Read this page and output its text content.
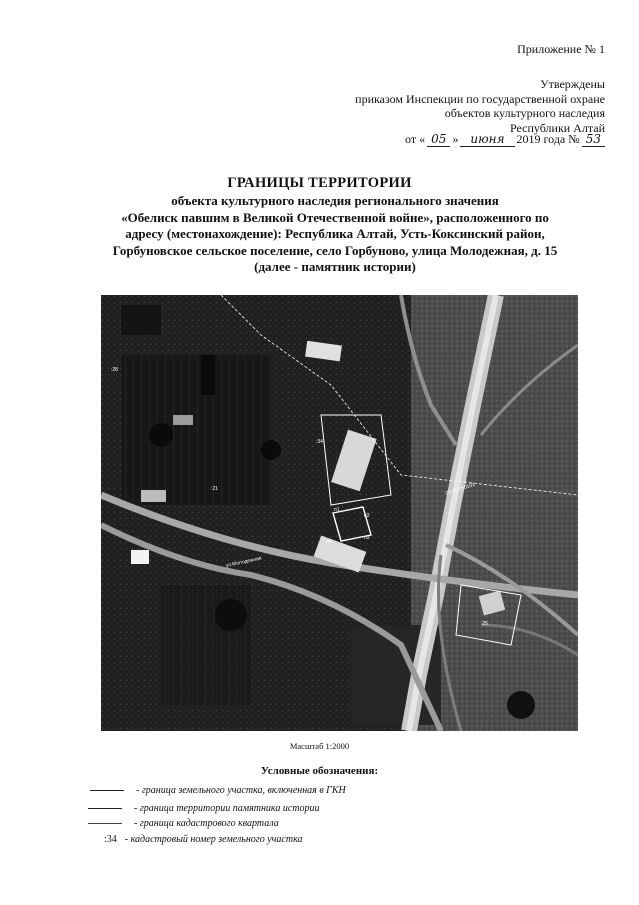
Приложение № 1
Утверждены
приказом Инспекции по государственной охране
объектов культурного наследия
Республики Алтай
от « 05 »	июня	2019 года № 53
ГРАНИЦЫ ТЕРРИТОРИИ
объекта культурного наследия регионального значения
«Обелиск павшим в Великой Отечественной войне», расположенного по
адресу (местонахождение): Республика Алтай, Усть-Коксинский район,
Горбуновское сельское поселение, село Горбуново, улица Молодежная, д. 15
(далее - памятник истории)
04:08:050101
ул.Молодежная
п1
п2
п3
п4
:28
:34
:25
:21
Масштаб 1:2000
Условные обозначения:
- граница земельного участка, включенная в ГКН
- граница территории памятника истории
- граница кадастрового квартала
:34 - кадастровый номер земельного участка
